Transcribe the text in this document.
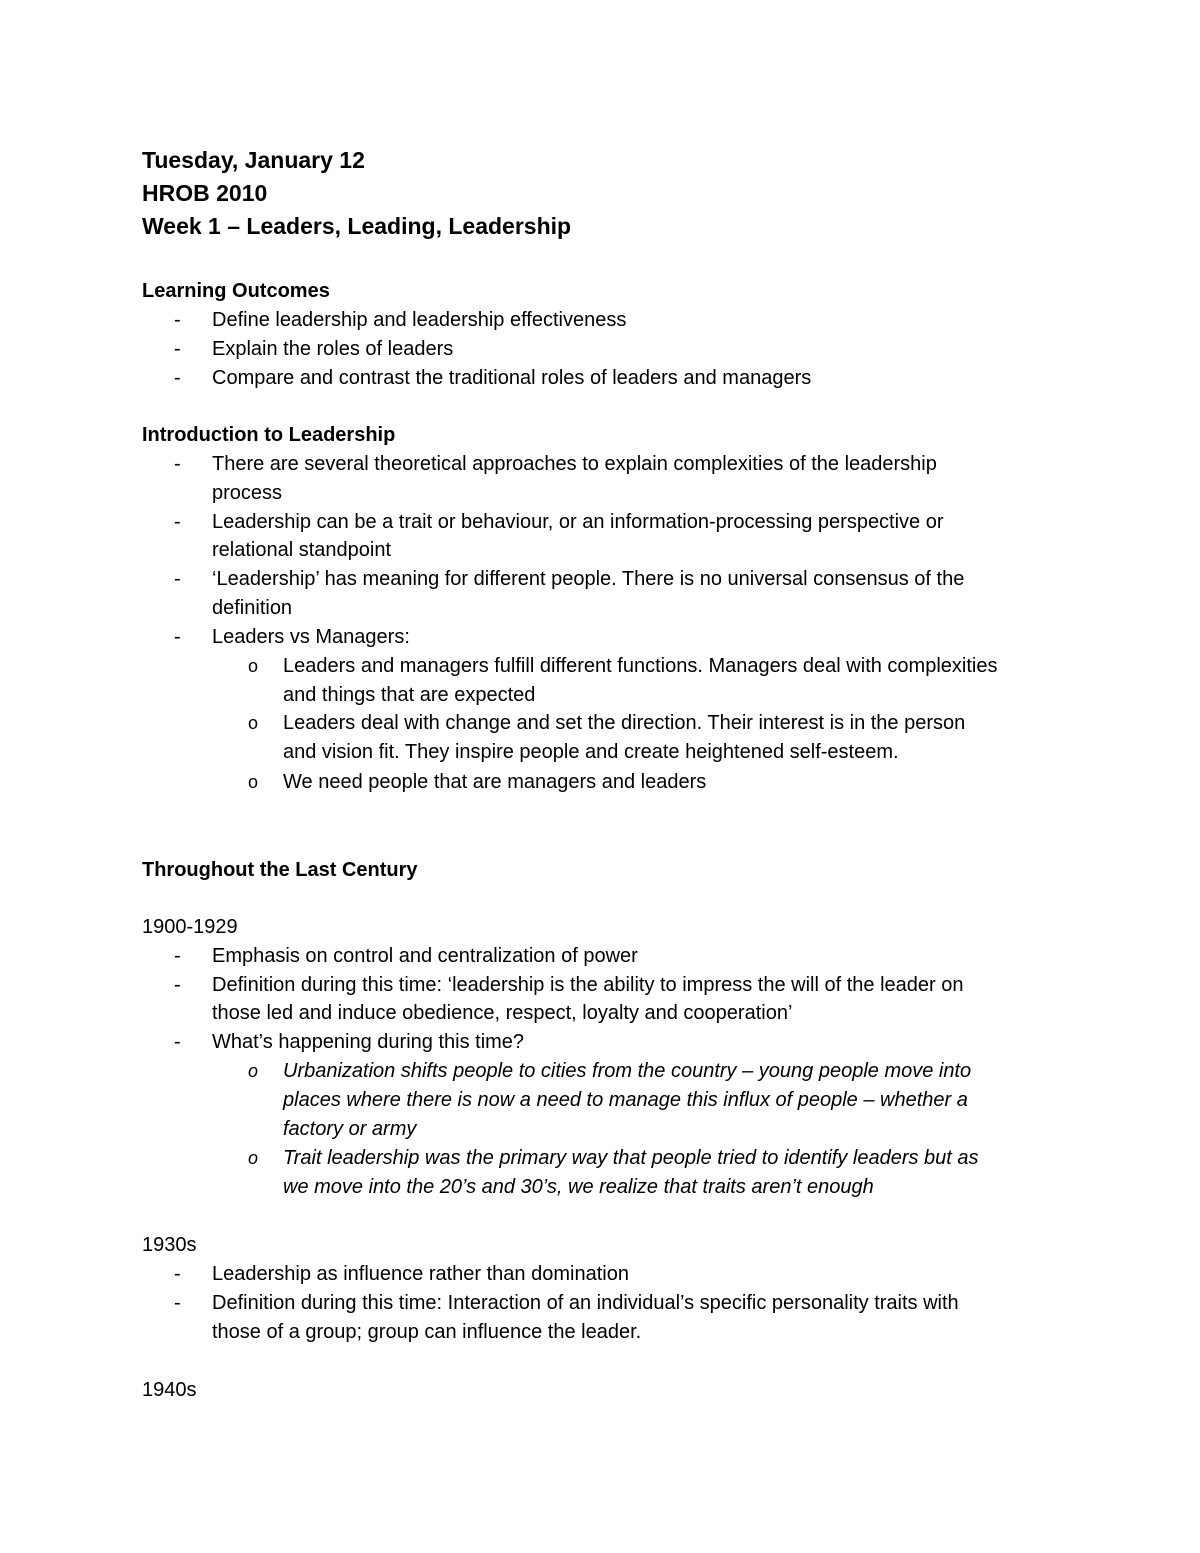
Tuesday, January 12
HROB 2010
Week 1 – Leaders, Leading, Leadership
Learning Outcomes
- Define leadership and leadership effectiveness
- Explain the roles of leaders
- Compare and contrast the traditional roles of leaders and managers
Introduction to Leadership
- There are several theoretical approaches to explain complexities of the leadership
process
- Leadership can be a trait or behaviour, or an information-processing perspective or
relational standpoint
- ‘Leadership’ has meaning for different people. There is no universal consensus of the
definition
- Leaders vs Managers:
o Leaders and managers fulfill different functions. Managers deal with complexities
and things that are expected
o Leaders deal with change and set the direction. Their interest is in the person
and vision fit. They inspire people and create heightened self-esteem.
o We need people that are managers and leaders
Throughout the Last Century
1900-1929
- Emphasis on control and centralization of power
- Definition during this time: ‘leadership is the ability to impress the will of the leader on
those led and induce obedience, respect, loyalty and cooperation’
- What’s happening during this time?
o Urbanization shifts people to cities from the country – young people move into
places where there is now a need to manage this influx of people – whether a
factory or army
o Trait leadership was the primary way that people tried to identify leaders but as
we move into the 20’s and 30’s, we realize that traits aren’t enough
1930s
- Leadership as influence rather than domination
- Definition during this time: Interaction of an individual’s specific personality traits with
those of a group; group can influence the leader.
1940s
